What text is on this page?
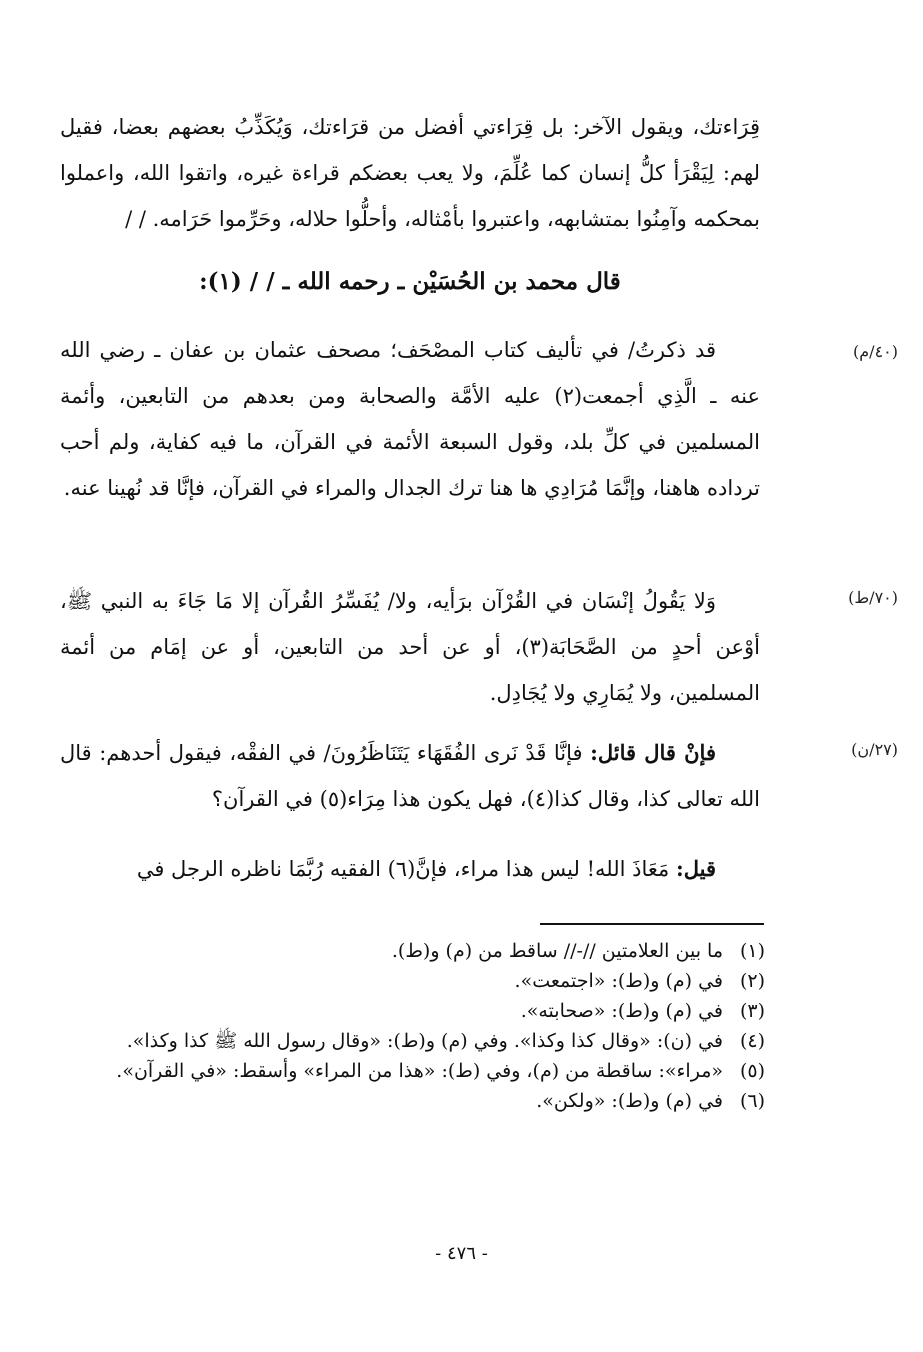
قِرَاءتك، ويقول الآخر: بل قِرَاءتي أفضل من قرَاءتك، وَيُكَذِّبُ بعضهم بعضا، فقيل لهم: لِيَقْرَأ كلُّ إنسان كما عُلِّمَ، ولا يعب بعضكم قراءة غيره، واتقوا الله، واعملوا بمحكمه وآمِنُوا بمتشابهه، واعتبروا بأمْثاله، وأحلُّوا حلاله، وحَرِّموا حَرَامه. / /

قال محمد بن الحُسَيْن ـ رحمه الله ـ / / (١):
(٤٠/م)

قد ذكرتُ/ في تأليف كتاب المصْحَف؛ مصحف عثمان بن عفان ـ رضي الله عنه ـ الَّذِي أجمعت(٢) عليه الأمَّة والصحابة ومن بعدهم من التابعين، وأئمة المسلمين في كلِّ بلد، وقول السبعة الأئمة في القرآن، ما فيه كفاية، ولم أحب ترداده هاهنا، وإنَّمَا مُرَادِي ها هنا ترك الجدال والمراء في القرآن، فإنَّا قد نُهينا عنه.

(٧٠/ط)

وَلا يَقُولُ إنْسَان في القُرْآن برَأيه، ولا/ يُفَسِّرُ القُرآن إلا مَا جَاءَ به النبي ﷺ، أوْعن أحدٍ من الصَّحَابَة(٣)، أو عن أحد من التابعين، أو عن إمَام من أئمة المسلمين، ولا يُمَارِي ولا يُجَادِل.

(٢٧/ن)

فإنْ قال قائل: فإنَّا قَدْ نَرى الفُقَهَاء يَتَنَاظَرُونَ/ في الفقْه، فيقول أحدهم: قال الله تعالى كذا، وقال كذا(٤)، فهل يكون هذا مِرَاء(٥) في القرآن؟

قيل: مَعَاذَ الله! ليس هذا مراء، فإنَّ(٦) الفقيه رُبَّمَا ناظره الرجل في

(١)
ما بين العلامتين //-// ساقط من (م) و(ط).
(٢)
في (م) و(ط): «اجتمعت».
(٣)
في (م) و(ط): «صحابته».
(٤)
في (ن): «وقال كذا وكذا». وفي (م) و(ط): «وقال رسول الله ﷺ كذا وكذا».
(٥)
«مراء»: ساقطة من (م)، وفي (ط): «هذا من المراء» وأسقط: «في القرآن».
(٦)
في (م) و(ط): «ولكن».
- ٤٧٦ -
